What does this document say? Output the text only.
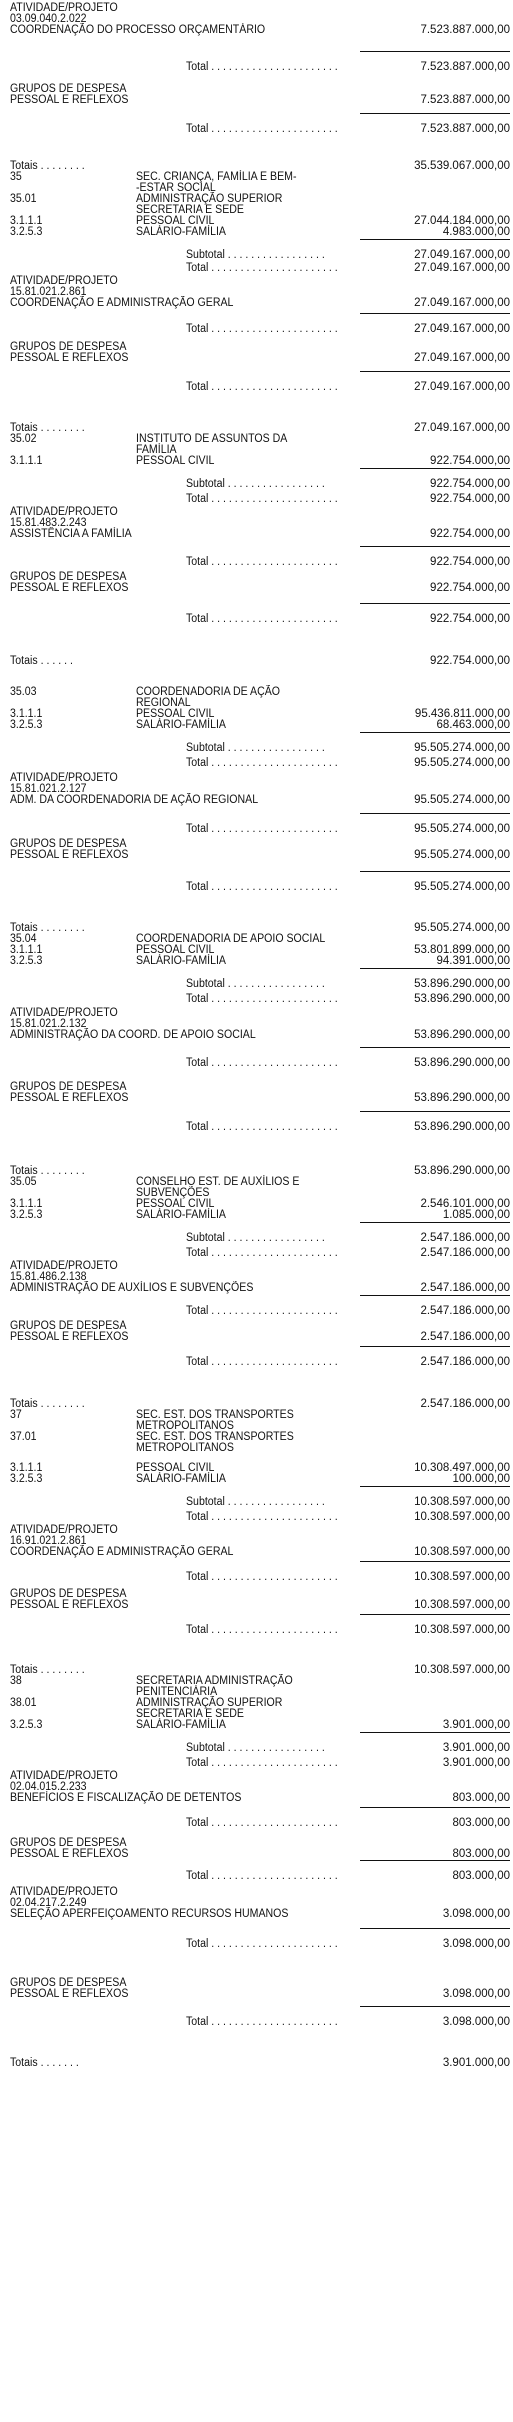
ATIVIDADE/PROJETO
03.09.040.2.022
COORDENAÇÃO DO PROCESSO ORÇAMENTÁRIO	7.523.887.000,00
Total . . . . . . . . . . . . . . . . . . . . . .	7.523.887.000,00
GRUPOS DE DESPESA
PESSOAL E REFLEXOS	7.523.887.000,00
Total . . . . . . . . . . . . . . . . . . . . . .	7.523.887.000,00
Totais . . . . . . . .	35.539.067.000,00
35	SEC. CRIANÇA, FAMÍLIA E BEM-
-ESTAR SOCIAL
35.01	ADMINISTRAÇÃO SUPERIOR
SECRETARIA E SEDE
3.1.1.1	PESSOAL CIVIL	27.044.184.000,00
3.2.5.3	SALÁRIO-FAMÍLIA	4.983.000,00
Subtotal . . . . . . . . . . . . . . . . .	27.049.167.000,00
Total . . . . . . . . . . . . . . . . . . . . . .	27.049.167.000,00
ATIVIDADE/PROJETO
15.81.021.2.861
COORDENAÇÃO E ADMINISTRAÇÃO GERAL	27.049.167.000,00
Total . . . . . . . . . . . . . . . . . . . . . .	27.049.167.000,00
GRUPOS DE DESPESA
PESSOAL E REFLEXOS	27.049.167.000,00
Total . . . . . . . . . . . . . . . . . . . . . .	27.049.167.000,00
Totais . . . . . . . .	27.049.167.000,00
35.02	INSTITUTO DE ASSUNTOS DA
FAMÍLIA
3.1.1.1	PESSOAL CIVIL	922.754.000,00
Subtotal . . . . . . . . . . . . . . . . .	922.754.000,00
Total . . . . . . . . . . . . . . . . . . . . . .	922.754.000,00
ATIVIDADE/PROJETO
15.81.483.2.243
ASSISTÊNCIA A FAMÍLIA	922.754.000,00
Total . . . . . . . . . . . . . . . . . . . . . .	922.754.000,00
GRUPOS DE DESPESA
PESSOAL E REFLEXOS	922.754.000,00
Total . . . . . . . . . . . . . . . . . . . . . .	922.754.000,00
Totais . . . . . .	922.754.000,00
35.03	COORDENADORIA DE AÇÃO
REGIONAL
3.1.1.1	PESSOAL CIVIL	95.436.811.000,00
3.2.5.3	SALÁRIO-FAMÍLIA	68.463.000,00
Subtotal . . . . . . . . . . . . . . . . .	95.505.274.000,00
Total . . . . . . . . . . . . . . . . . . . . . .	95.505.274.000,00
ATIVIDADE/PROJETO
15.81.021.2.127
ADM. DA COORDENADORIA DE AÇÃO REGIONAL	95.505.274.000,00
Total . . . . . . . . . . . . . . . . . . . . . .	95.505.274.000,00
GRUPOS DE DESPESA
PESSOAL E REFLEXOS	95.505.274.000,00
Total . . . . . . . . . . . . . . . . . . . . . .	95.505.274.000,00
Totais . . . . . . . .	95.505.274.000,00
35.04	COORDENADORIA DE APOIO SOCIAL
3.1.1.1	PESSOAL CIVIL	53.801.899.000,00
3.2.5.3	SALÁRIO-FAMÍLIA	94.391.000,00
Subtotal . . . . . . . . . . . . . . . . .	53.896.290.000,00
Total . . . . . . . . . . . . . . . . . . . . . .	53.896.290.000,00
ATIVIDADE/PROJETO
15.81.021.2.132
ADMINISTRAÇÃO DA COORD. DE APOIO SOCIAL	53.896.290.000,00
Total . . . . . . . . . . . . . . . . . . . . . .	53.896.290.000,00
GRUPOS DE DESPESA
PESSOAL E REFLEXOS	53.896.290.000,00
Total . . . . . . . . . . . . . . . . . . . . . .	53.896.290.000,00
Totais . . . . . . . .	53.896.290.000,00
35.05	CONSELHO EST. DE AUXÍLIOS E
SUBVENÇÕES
3.1.1.1	PESSOAL CIVIL	2.546.101.000,00
3.2.5.3	SALÁRIO-FAMÍLIA	1.085.000,00
Subtotal . . . . . . . . . . . . . . . . .	2.547.186.000,00
Total . . . . . . . . . . . . . . . . . . . . . .	2.547.186.000,00
ATIVIDADE/PROJETO
15.81.486.2.138
ADMINISTRAÇÃO DE AUXÍLIOS E SUBVENÇÕES	2.547.186.000,00
Total . . . . . . . . . . . . . . . . . . . . . .	2.547.186.000,00
GRUPOS DE DESPESA
PESSOAL E REFLEXOS	2.547.186.000,00
Total . . . . . . . . . . . . . . . . . . . . . .	2.547.186.000,00
Totais . . . . . . . .	2.547.186.000,00
37	SEC. EST. DOS TRANSPORTES
METROPOLITANOS
37.01	SEC. EST. DOS TRANSPORTES
METROPOLITANOS
3.1.1.1	PESSOAL CIVIL	10.308.497.000,00
3.2.5.3	SALÁRIO-FAMÍLIA	100.000,00
Subtotal . . . . . . . . . . . . . . . . .	10.308.597.000,00
Total . . . . . . . . . . . . . . . . . . . . . .	10.308.597.000,00
ATIVIDADE/PROJETO
16.91.021.2.861
COORDENAÇÃO E ADMINISTRAÇÃO GERAL	10.308.597.000,00
Total . . . . . . . . . . . . . . . . . . . . . .	10.308.597.000,00
GRUPOS DE DESPESA
PESSOAL E REFLEXOS	10.308.597.000,00
Total . . . . . . . . . . . . . . . . . . . . . .	10.308.597.000,00
Totais . . . . . . . .	10.308.597.000,00
38	SECRETARIA ADMINISTRAÇÃO
PENITENCIÁRIA
38.01	ADMINISTRAÇÃO SUPERIOR
SECRETARIA E SEDE
3.2.5.3	SALÁRIO-FAMÍLIA	3.901.000,00
Subtotal . . . . . . . . . . . . . . . . .	3.901.000,00
Total . . . . . . . . . . . . . . . . . . . . . .	3.901.000,00
ATIVIDADE/PROJETO
02.04.015.2.233
BENEFÍCIOS E FISCALIZAÇÃO DE DETENTOS	803.000,00
Total . . . . . . . . . . . . . . . . . . . . . .	803.000,00
GRUPOS DE DESPESA
PESSOAL E REFLEXOS	803.000,00
Total . . . . . . . . . . . . . . . . . . . . . .	803.000,00
ATIVIDADE/PROJETO
02.04.217.2.249
SELEÇÃO APERFEIÇOAMENTO RECURSOS HUMANOS	3.098.000,00
Total . . . . . . . . . . . . . . . . . . . . . .	3.098.000,00
GRUPOS DE DESPESA
PESSOAL E REFLEXOS	3.098.000,00
Total . . . . . . . . . . . . . . . . . . . . . .	3.098.000,00
Totais . . . . . . .	3.901.000,00
